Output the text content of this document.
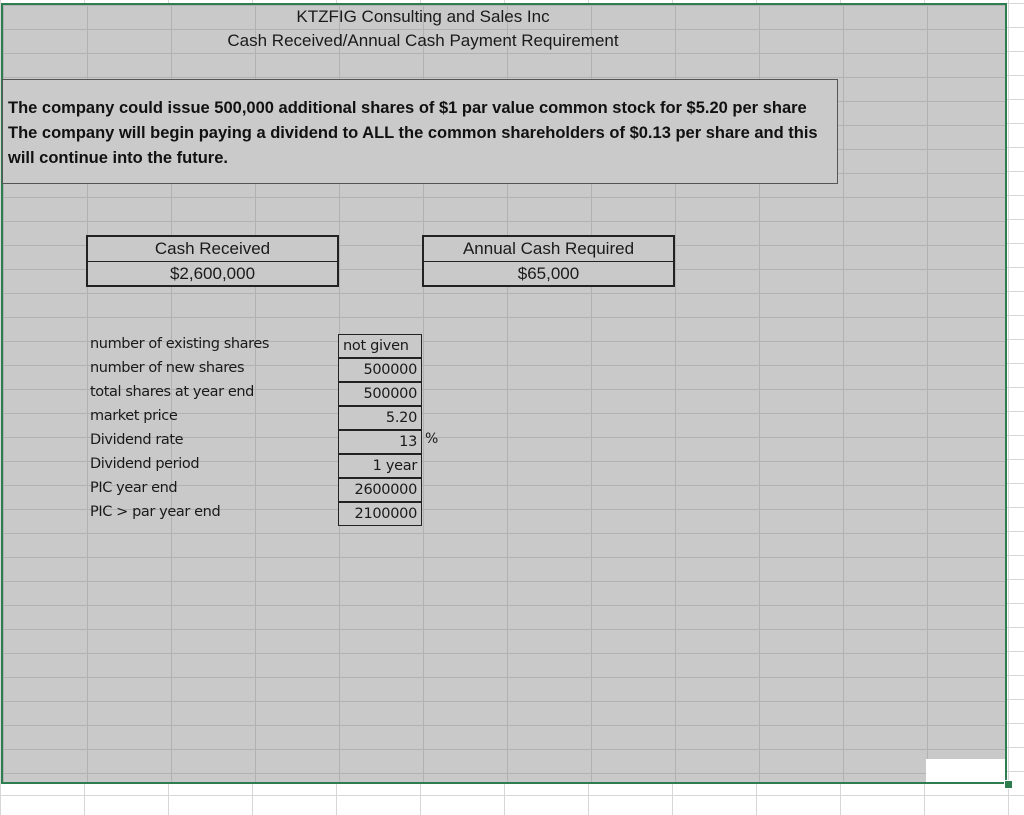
KTZFIG Consulting and Sales Inc
Cash Received/Annual Cash Payment Requirement
The company could issue 500,000 additional shares of $1 par value common stock for $5.20 per share The company will begin paying a dividend to ALL the common shareholders of $0.13 per share and this will continue into the future.
Cash Received
$2,600,000
Annual Cash Required
$65,000
number of existing shares	not given
number of new shares	500000
total shares at year end	500000
market price	5.20
Dividend rate	13 %
Dividend period	1 year
PIC year end	2600000
PIC > par year end	2100000
